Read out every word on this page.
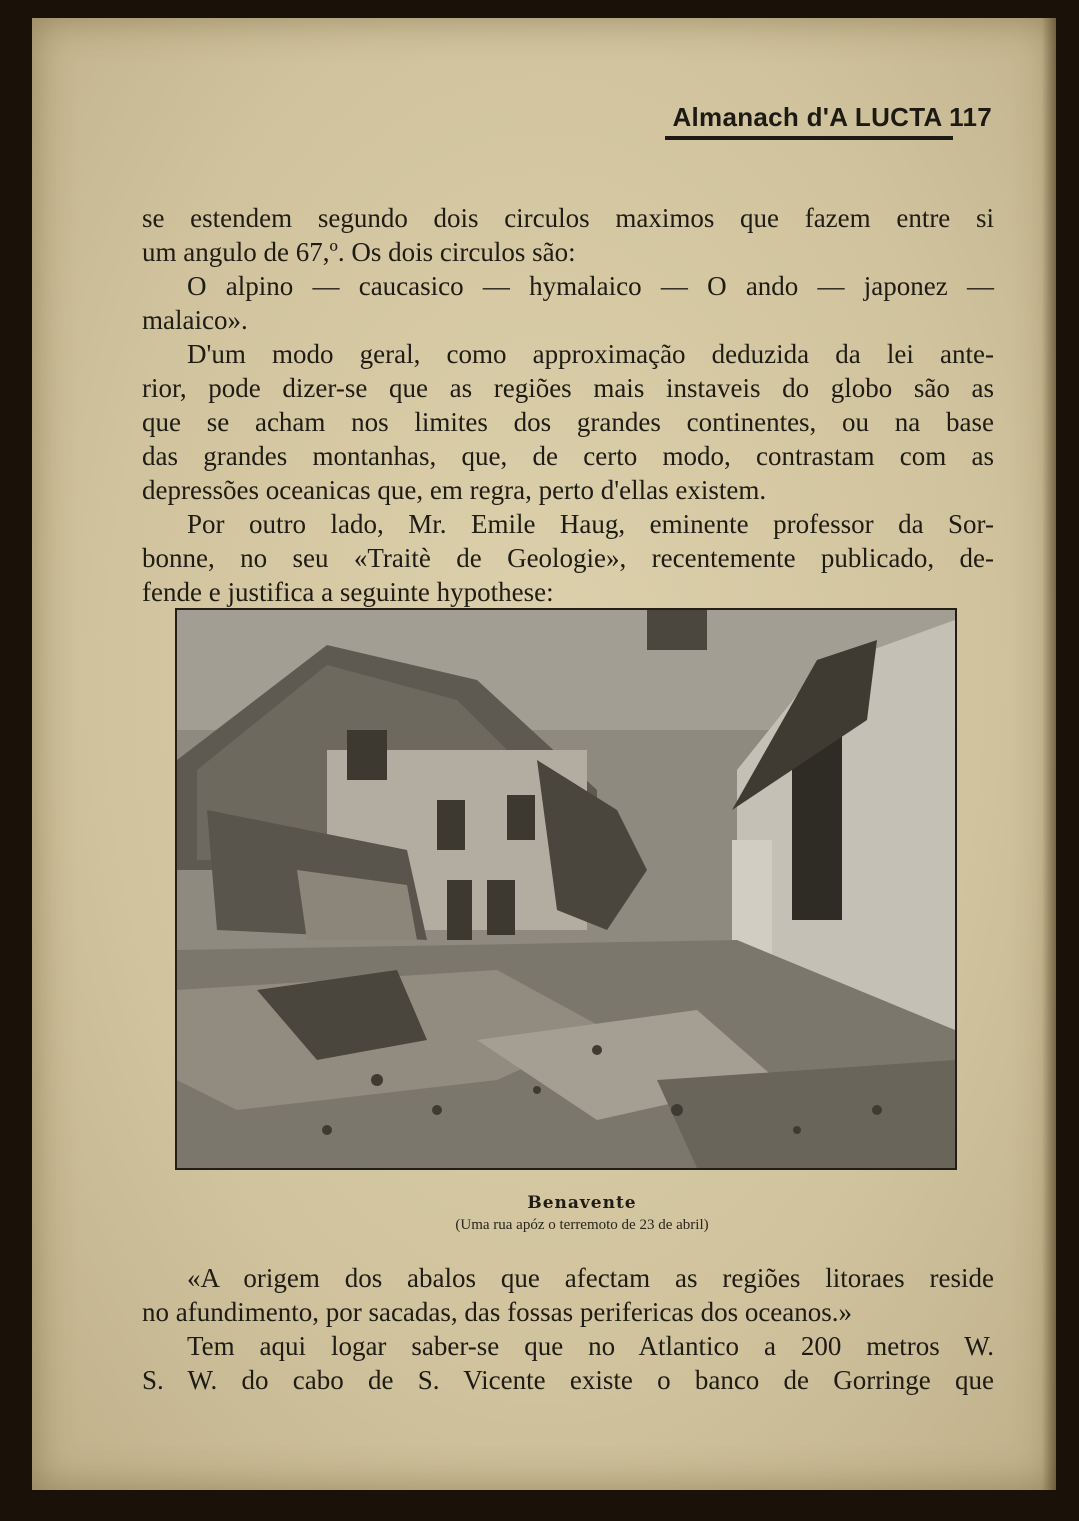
Almanach d'A LUCTA 117
se estendem segundo dois circulos maximos que fazem entre si
um angulo de 67,º. Os dois circulos são:
O alpino — caucasico — hymalaico — O ando — japonez —
malaico».
D'um modo geral, como approximação deduzida da lei ante-
rior, pode dizer-se que as regiões mais instaveis do globo são as
que se acham nos limites dos grandes continentes, ou na base
das grandes montanhas, que, de certo modo, contrastam com as
depressões oceanicas que, em regra, perto d'ellas existem.
Por outro lado, Mr. Emile Haug, eminente professor da Sor-
bonne, no seu «Traitè de Geologie», recentemente publicado, de-
fende e justifica a seguinte hypothese:
Benavente
(Uma rua apóz o terremoto de 23 de abril)
«A origem dos abalos que afectam as regiões litoraes reside
no afundimento, por sacadas, das fossas perifericas dos oceanos.»
Tem aqui logar saber-se que no Atlantico a 200 metros W.
S. W. do cabo de S. Vicente existe o banco de Gorringe que
